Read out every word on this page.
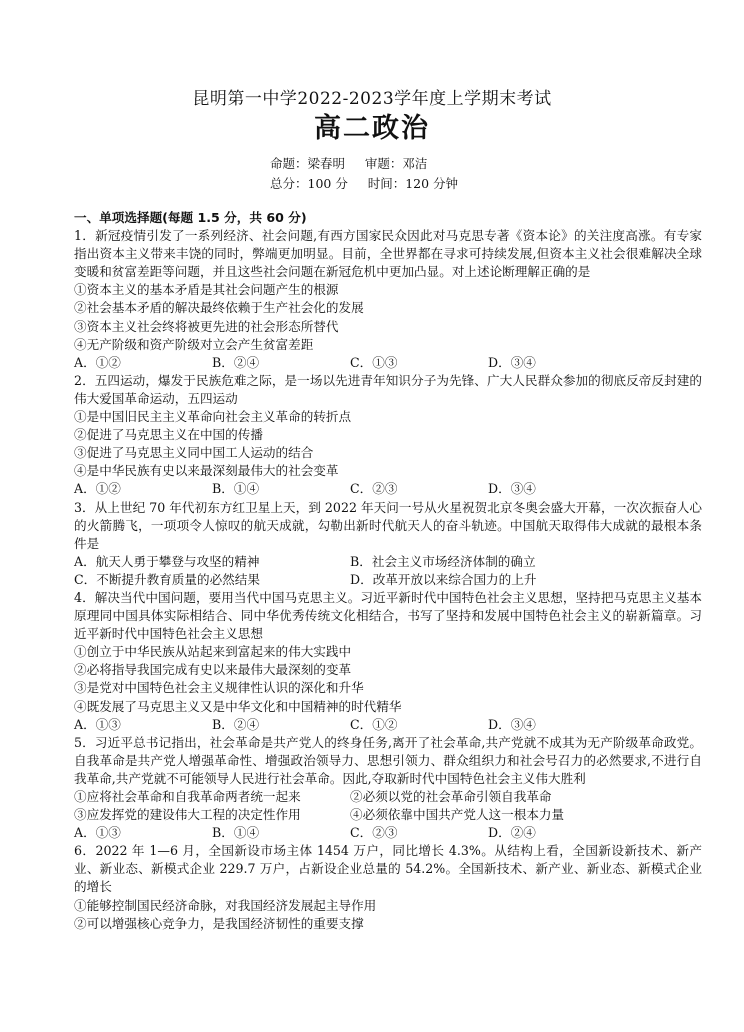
昆明第一中学2022-2023学年度上学期末考试
高二政治
命题：梁春明 审题：邓洁
总分：100 分 时间：120 分钟
一、单项选择题(每题 1.5 分，共 60 分)
1．新冠疫情引发了一系列经济、社会问题,有西方国家民众因此对马克思专著《资本论》的关注度高涨。有专家指出资本主义带来丰饶的同时，弊端更加明显。目前，全世界都在寻求可持续发展,但资本主义社会很难解决全球变暖和贫富差距等问题，并且这些社会问题在新冠危机中更加凸显。对上述论断理解正确的是
①资本主义的基本矛盾是其社会问题产生的根源
②社会基本矛盾的解决最终依赖于生产社会化的发展
③资本主义社会终将被更先进的社会形态所替代
④无产阶级和资产阶级对立会产生贫富差距
A．①②	B．②④	C．①③	D．③④
2．五四运动，爆发于民族危难之际，是一场以先进青年知识分子为先锋、广大人民群众参加的彻底反帝反封建的伟大爱国革命运动，五四运动
①是中国旧民主主义革命向社会主义革命的转折点
②促进了马克思主义在中国的传播
③促进了马克思主义同中国工人运动的结合
④是中华民族有史以来最深刻最伟大的社会变革
A．①②	B．①④	C．②③	D．③④
3．从上世纪 70 年代初东方红卫星上天，到 2022 年天问一号从火星祝贺北京冬奥会盛大开幕，一次次振奋人心的火箭腾飞，一项项令人惊叹的航天成就，勾勒出新时代航天人的奋斗轨迹。中国航天取得伟大成就的最根本条件是
A．航天人勇于攀登与攻坚的精神	B．社会主义市场经济体制的确立
C．不断提升教育质量的必然结果	D．改革开放以来综合国力的上升
4．解决当代中国问题，要用当代中国马克思主义。习近平新时代中国特色社会主义思想，坚持把马克思主义基本原理同中国具体实际相结合、同中华优秀传统文化相结合，书写了坚持和发展中国特色社会主义的崭新篇章。习近平新时代中国特色社会主义思想
①创立于中华民族从站起来到富起来的伟大实践中
②必将指导我国完成有史以来最伟大最深刻的变革
③是党对中国特色社会主义规律性认识的深化和升华
④既发展了马克思主义又是中华文化和中国精神的时代精华
A．①③	B．②④	C．①②	D．③④
5．习近平总书记指出，社会革命是共产党人的终身任务,离开了社会革命,共产党就不成其为无产阶级革命政党。自我革命是共产党人增强革命性、增强政治领导力、思想引领力、群众组织力和社会号召力的必然要求,不进行自我革命,共产党就不可能领导人民进行社会革命。因此,夺取新时代中国特色社会主义伟大胜利
①应将社会革命和自我革命两者统一起来	②必须以党的社会革命引领自我革命
③应发挥党的建设伟大工程的决定性作用	④必须依靠中国共产党人这一根本力量
A．①③	B．①④	C．②③	D．②④
6．2022 年 1—6 月，全国新设市场主体 1454 万户，同比增长 4.3%。从结构上看，全国新设新技术、新产业、新业态、新模式企业 229.7 万户，占新设企业总量的 54.2%。全国新技术、新产业、新业态、新模式企业的增长
①能够控制国民经济命脉，对我国经济发展起主导作用
②可以增强核心竞争力，是我国经济韧性的重要支撑
